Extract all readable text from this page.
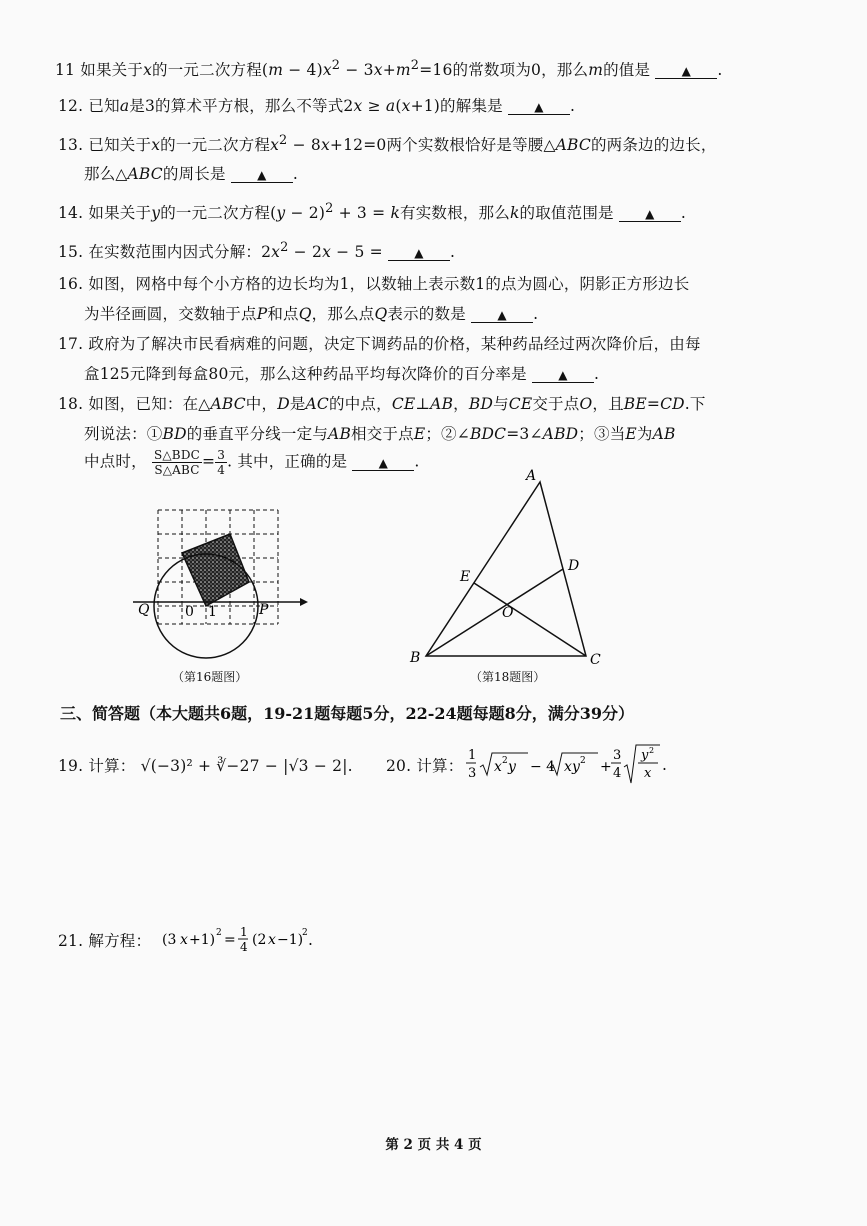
11 如果关于x的一元二次方程$(m - 4)x^2 - 3x+m^2=16$的常数项为0，那么m的值是	▲ .
12. 已知a是3的算术平方根，那么不等式2x ≥ a(x+1)的解集是	▲ .
13. 已知关于x的一元二次方程$x^2 - 8x+12=0$两个实数根恰好是等腰△ABC的两条边的边长，
那么△ABC的周长是	▲ .
14. 如果关于y的一元二次方程$(y - 2)^2 + 3 = k$有实数根，那么k的取值范围是	▲ .
15. 在实数范围内因式分解：$2x^2 - 2x - 5$ =	▲ .
16. 如图，网格中每个小方格的边长均为1，以数轴上表示数1的点为圆心，阴影正方形边长
为半径画圆，交数轴于点P和点Q，那么点Q表示的数是	▲ .
17. 政府为了解决市民看病难的问题，决定下调药品的价格，某种药品经过两次降价后，由每
盒125元降到每盒80元，那么这种药品平均每次降价的百分率是	▲ .
18. 如图，已知：在△ABC中，D是AC的中点，CE⊥AB，BD与CE交于点O，且BE=CD.下
列说法：①BD的垂直平分线一定与AB相交于点E；②∠BDC=3∠ABD；③当E为AB
中点时， $\frac{\text{S△BDC}}{\text{S△ABC}} = \frac{3}{4}$ . 其中，正确的是	▲ .
Q	0 1	P
（第16题图）
A
B	C
D
E
O
（第18题图）
三、简答题（本大题共6题，19-21题每题5分，22-24题每题8分，满分39分）
19. 计算： √(−3)² + ∛−27 − |√3 − 2|. 20. 计算：
1
3 x 2 y − 4 x y 2 +
3
4
y 2
x .
21. 解方程： (3 x +1) 2 = 1
4 (2 x −1)
2 .
第 2 页 共 4 页
